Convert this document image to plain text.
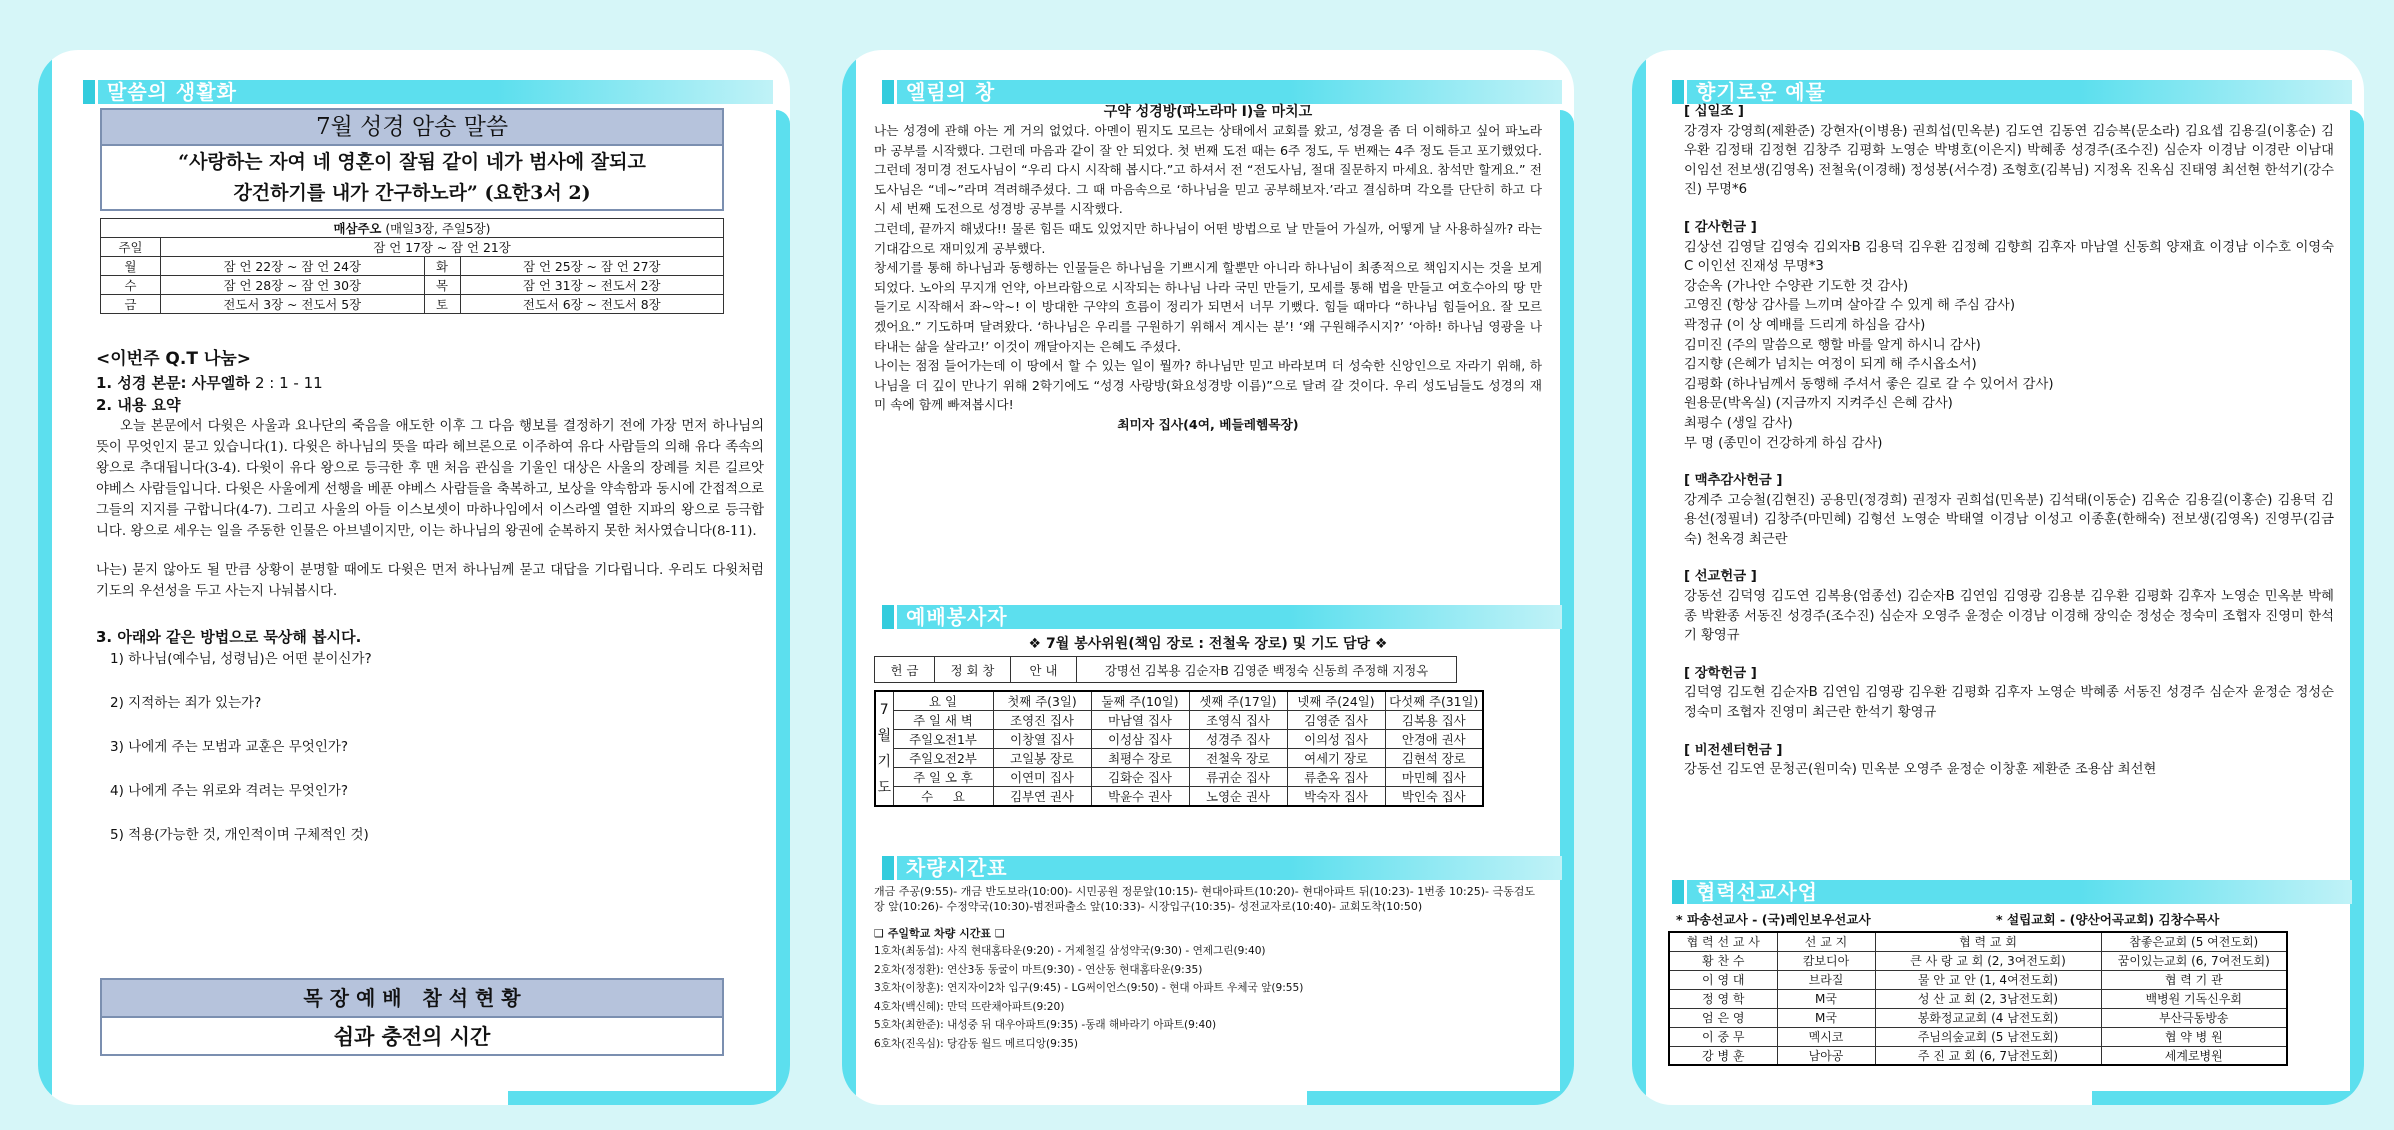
말씀의 생활화
7월 성경 암송 말씀
“사랑하는 자여 네 영혼이 잘됨 같이 네가 범사에 잘되고
강건하기를 내가 간구하노라” (요한3서 2)
매삼주오 (매일3장, 주일5장)			
주일	잠 언 17장 ~ 잠 언 21장		
월	잠 언 22장 ~ 잠 언 24장	화	잠 언 25장 ~ 잠 언 27장
수	잠 언 28장 ~ 잠 언 30장	목	잠 언 31장 ~ 전도서 2장
금	전도서 3장 ~ 전도서 5장	토	전도서 6장 ~ 전도서 8장
<이번주 Q.T 나눔>
1. 성경 본문: 사무엘하 2 : 1 - 11
2. 내용 요약

오늘 본문에서 다윗은 사울과 요나단의 죽음을 애도한 이후 그 다음 행보를 결정하기 전에 가장 먼저 하나님의 뜻이 무엇인지 묻고 있습니다(1). 다윗은 하나님의 뜻을 따라 헤브론으로 이주하여 유다 사람들의 의해 유다 족속의 왕으로 추대됩니다(3-4). 다윗이 유다 왕으로 등극한 후 맨 처음 관심을 기울인 대상은 사울의 장례를 치른 길르앗 야베스 사람들입니다. 다윗은 사울에게 선행을 베푼 야베스 사람들을 축복하고, 보상을 약속함과 동시에 간접적으로 그들의 지지를 구합니다(4-7). 그리고 사울의 아들 이스보셋이 마하나임에서 이스라엘 열한 지파의 왕으로 등극합니다. 왕으로 세우는 일을 주동한 인물은 아브넬이지만, 이는 하나님의 왕권에 순복하지 못한 처사였습니다(8-11).

나는) 묻지 않아도 될 만큼 상황이 분명할 때에도 다윗은 먼저 하나님께 묻고 대답을 기다립니다. 우리도 다윗처럼 기도의 우선성을 두고 사는지 나눠봅시다.

3. 아래와 같은 방법으로 묵상해 봅시다.
1) 하나님(예수님, 성령님)은 어떤 분이신가?
2) 지적하는 죄가 있는가?
3) 나에게 주는 모범과 교훈은 무엇인가?
4) 나에게 주는 위로와 격려는 무엇인가?
5) 적용(가능한 것, 개인적이며 구체적인 것)
목 장 예 배   참 석 현 황
쉼과 충전의 시간
엘림의 창
구약 성경방(파노라마 I)을 마치고

나는 성경에 관해 아는 게 거의 없었다. 아멘이 뭔지도 모르는 상태에서 교회를 왔고, 성경을 좀 더 이해하고 싶어 파노라마 공부를 시작했다. 그런데 마음과 같이 잘 안 되었다. 첫 번째 도전 때는 6주 정도, 두 번째는 4주 정도 듣고 포기했었다. 그런데 정미경 전도사님이 “우리 다시 시작해 봅시다.”고 하셔서 전 “전도사님, 절대 질문하지 마세요. 참석만 할게요.” 전도사님은 “네~”라며 격려해주셨다. 그 때 마음속으로 ‘하나님을 믿고 공부해보자.’라고 결심하며 각오를 단단히 하고 다시 세 번째 도전으로 성경방 공부를 시작했다.

그런데, 끝까지 해냈다!! 물론 힘든 때도 있었지만 하나님이 어떤 방법으로 날 만들어 가실까, 어떻게 날 사용하실까? 라는 기대감으로 재미있게 공부했다.

창세기를 통해 하나님과 동행하는 인물들은 하나님을 기쁘시게 할뿐만 아니라 하나님이 최종적으로 책임지시는 것을 보게 되었다. 노아의 무지개 언약, 아브라함으로 시작되는 하나님 나라 국민 만들기, 모세를 통해 법을 만들고 여호수아의 땅 만들기로 시작해서 좌~악~! 이 방대한 구약의 흐름이 정리가 되면서 너무 기뻤다. 힘들 때마다 “하나님 힘들어요. 잘 모르겠어요.” 기도하며 달려왔다. ‘하나님은 우리를 구원하기 위해서 계시는 분’! ‘왜 구원해주시지?’ ‘아하! 하나님 영광을 나타내는 삶을 살라고!’ 이것이 깨달아지는 은혜도 주셨다.

나이는 점점 들어가는데 이 땅에서 할 수 있는 일이 뭘까? 하나님만 믿고 바라보며 더 성숙한 신앙인으로 자라기 위해, 하나님을 더 깊이 만나기 위해 2학기에도 “성경 사랑방(화요성경방 이름)”으로 달려 갈 것이다. 우리 성도님들도 성경의 재미 속에 함께 빠져봅시다!

최미자 집사(4여, 베들레헴목장)
예배봉사자
❖ 7월 봉사위원(책임 장로 : 전철욱 장로) 및 기도 담당 ❖
헌 금	정 회 창	안 내	강명선 김복용 김순자B 김영준 백정숙 신동희 주정해 지정옥
7월기도	요 일	첫째 주(3일)	둘째 주(10일)	셋째 주(17일)	넷째 주(24일)	다섯째 주(31일)
	주 일 새 벽	조영진 집사	마남열 집사	조영식 집사	김영준 집사	김복용 집사
	주일오전1부	이창열 집사	이성삼 집사	성경주 집사	이의성 집사	안경애 권사
	주일오전2부	고일봉 장로	최평수 장로	전철욱 장로	여세기 장로	김현석 장로
	주 일 오 후	이연미 집사	김화순 집사	류귀순 집사	류춘옥 집사	마민혜 집사
	수     요	김부연 권사	박윤수 권사	노영순 권사	박숙자 집사	박인숙 집사
차량시간표

개금 주공(9:55)- 개금 반도보라(10:00)- 시민공원 정문앞(10:15)- 현대아파트(10:20)- 현대아파트 뒤(10:23)- 1번종 10:25)- 극동검도장 앞(10:26)- 수정약국(10:30)-범전파출소 앞(10:33)- 시장입구(10:35)- 성전교자로(10:40)- 교회도착(10:50)

❑ 주일학교 차량 시간표 ❑
1호차(최동섭): 사직 현대홈타운(9:20) - 거제철길 삼성약국(9:30) - 연제그린(9:40)
2호차(정정환): 연산3동 동굴이 마트(9:30) - 연산동 현대홈타운(9:35)
3호차(이창훈): 연지자이2차 입구(9:45) - LG써이언스(9:50) - 현대 아파트 우체국 앞(9:55)
4호차(백신혜): 만덕 뜨란채아파트(9:20)
5호차(최한준): 내성중 뒤 대우아파트(9:35) -동래 해바라기 아파트(9:40)
6호차(진옥심): 당감동 월드 메르디앙(9:35)
향기로운 예물
[ 십일조 ]
강경자 강영희(제환준) 강현자(이병용) 권희섭(민옥분) 김도연 김동연 김승복(문소라) 김요셉 김용길(이홍순) 김우환 김정태 김정현 김창주 김평화 노영순 박병호(이은지) 박혜종 성경주(조수진) 심순자 이경남 이경란 이남대 이임선 전보생(김영옥) 전철욱(이경해) 정성봉(서수경) 조형호(김복님) 지정옥 진옥심 진태영 최선현 한석기(강수진) 무명*6
[ 감사헌금 ]
김상선 김영달 김영숙 김외자B 김용덕 김우환 김정혜 김향희 김후자 마남열 신동희 양재효 이경남 이수호 이영숙C 이인선 진재성 무명*3
강순옥 (가나안 수양관 기도한 것 감사)
고영진 (항상 감사를 느끼며 살아갈 수 있게 해 주심 감사)
곽정규 (이 상 예배를 드리게 하심을 감사)
김미진 (주의 말씀으로 행할 바를 알게 하시니 감사)
김지향 (은혜가 넘치는 여정이 되게 해 주시옵소서)
김평화 (하나님께서 동행해 주셔서 좋은 길로 갈 수 있어서 감사)
원용문(박옥실) (지금까지 지켜주신 은혜 감사)
최평수 (생일 감사)
무 명 (종민이 건강하게 하심 감사)
[ 맥추감사헌금 ]
강계주 고승철(김현진) 공용민(정경희) 권정자 권희섭(민옥분) 김석태(이동순) 김옥순 김용길(이홍순) 김용덕 김용선(정필녀) 김창주(마민혜) 김형선 노영순 박태열 이경남 이성고 이종훈(한해숙) 전보생(김영옥) 진영무(김금숙) 천옥경 최근란
[ 선교헌금 ]
강동선 김덕영 김도연 김복용(엄종선) 김순자B 김연임 김영광 김용분 김우환 김평화 김후자 노영순 민옥분 박혜종 박환종 서동진 성경주(조수진) 심순자 오영주 윤정순 이경남 이경해 장익순 정성순 정숙미 조협자 진영미 한석기 황영규
[ 장학헌금 ]
김덕영 김도현 김순자B 김연임 김영광 김우환 김평화 김후자 노영순 박혜종 서동진 성경주 심순자 윤정순 정성순 정숙미 조협자 진영미 최근란 한석기 황영규
[ 비전센터헌금 ]
강동선 김도연 문청곤(원미숙) 민옥분 오영주 윤정순 이창훈 제환준 조용삼 최선현
협력선교사업
* 파송선교사 - (국)레인보우선교사	* 설립교회 - (양산어곡교회) 김창수목사
협 력 선 교 사	선 교 지	협 력 교 회	참좋은교회 (5 여전도회)
황 찬 수	캄보디아	큰 사 랑 교 회 (2, 3여전도회)	꿈이있는교회 (6, 7여전도회)
이 영 대	브라질	물 안 교 안 (1, 4여전도회)	협 력 기 관
정 영 학	M국	성 산 교 회 (2, 3남전도회)	백병원 기독신우회
엄 은 영	M국	봉화정교교회 (4 남전도회)	부산극동방송
이 중 무	멕시코	주님의숲교회 (5 남전도회)	협 약 병 원
강 병 훈	남아공	주 진 교 회 (6, 7남전도회)	세계로병원
